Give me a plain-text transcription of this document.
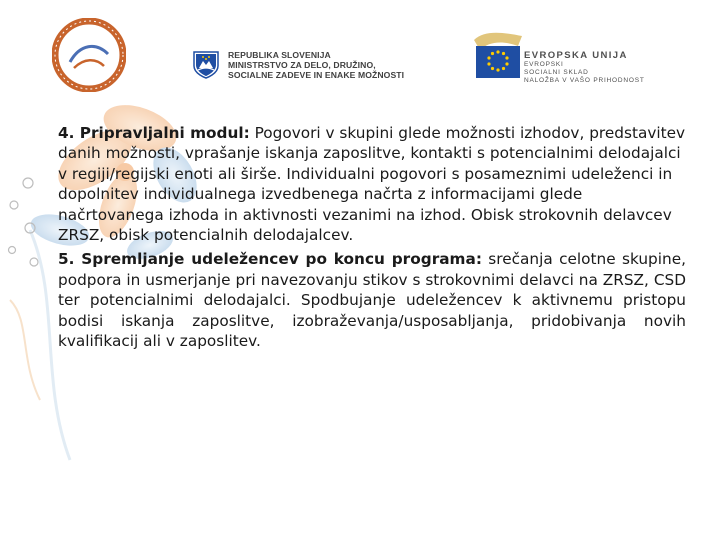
REPUBLIKA SLOVENIJA
MINISTRSTVO ZA DELO, DRUŽINO,
SOCIALNE ZADEVE IN ENAKE MOŽNOSTI
EVROPSKA UNIJA
EVROPSKI
SOCIALNI SKLAD
NALOŽBA V VAŠO PRIHODNOST

4. Pripravljalni modul: Pogovori v skupini glede možnosti izhodov, predstavitev danih možnosti, vprašanje iskanja zaposlitve, kontakti s potencialnimi delodajalci v regiji/regijski enoti ali širše. Individualni pogovori s posameznimi udeleženci in dopolnitev individualnega izvedbenega načrta z informacijami glede načrtovanega izhoda in aktivnosti vezanimi na izhod. Obisk strokovnih delavcev ZRSZ, obisk potencialnih delodajalcev.

5. Spremljanje udeležencev po koncu programa: srečanja celotne skupine, podpora in usmerjanje pri navezovanju stikov s strokovnimi delavci na ZRSZ, CSD ter potencialnimi delodajalci. Spodbujanje udeležencev k aktivnemu pristopu bodisi iskanja zaposlitve, izobraževanja/usposabljanja, pridobivanja novih kvalifikacij ali v zaposlitev.
